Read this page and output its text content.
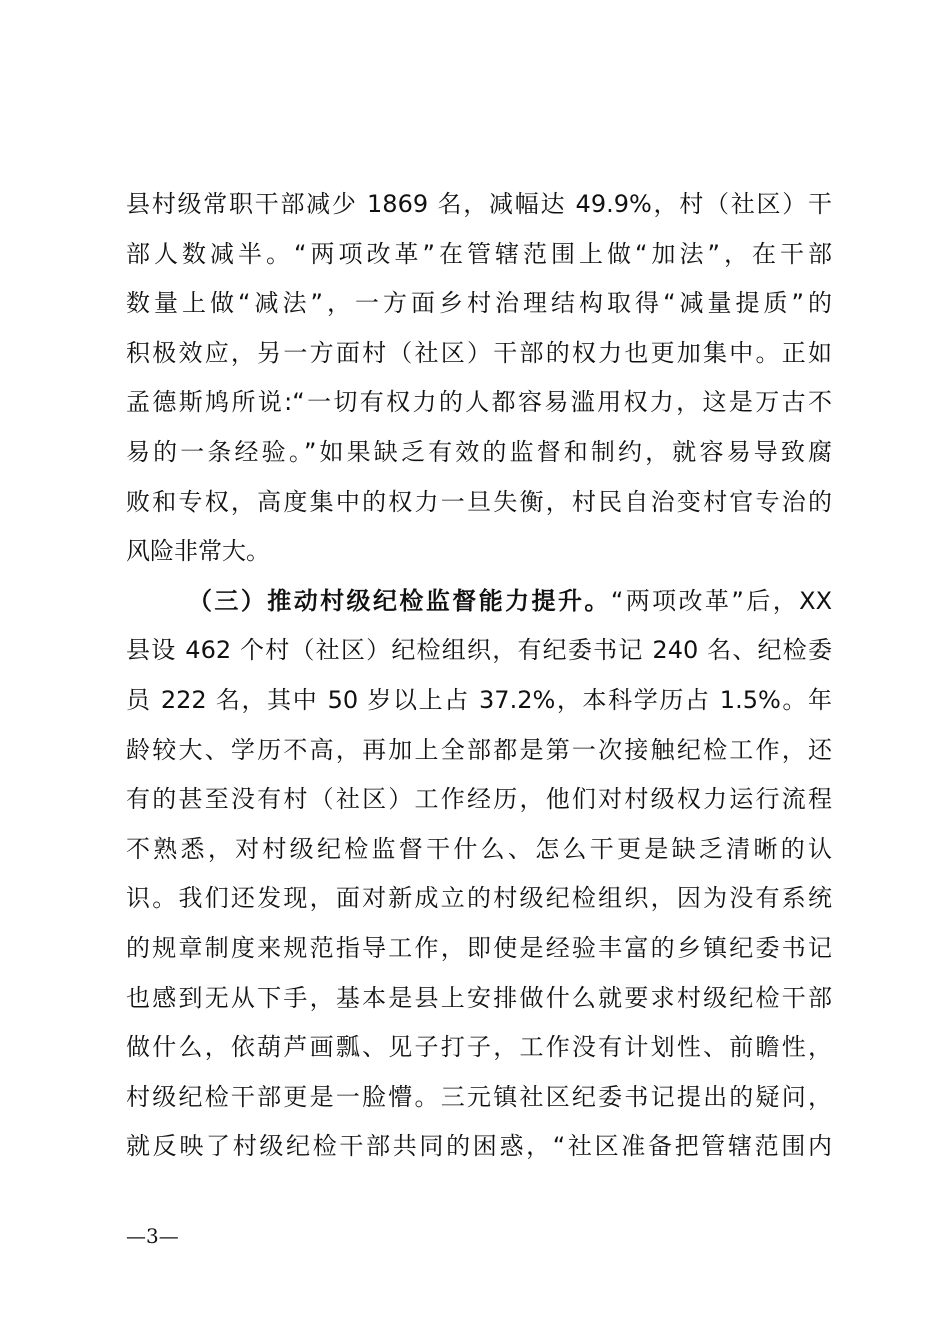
县村级常职干部减少 1869 名，减幅达 49.9%，村（社区）干
部人数减半。“两项改革”在管辖范围上做“加法”，在干部
数量上做“减法”，一方面乡村治理结构取得“减量提质”的
积极效应，另一方面村（社区）干部的权力也更加集中。正如
孟德斯鸠所说:“一切有权力的人都容易滥用权力，这是万古不
易的一条经验。”如果缺乏有效的监督和制约，就容易导致腐
败和专权，高度集中的权力一旦失衡，村民自治变村官专治的
风险非常大。
（三）推动村级纪检监督能力提升。“两项改革”后，XX
县设 462 个村（社区）纪检组织，有纪委书记 240 名、纪检委
员 222 名，其中 50 岁以上占 37.2%，本科学历占 1.5%。年
龄较大、学历不高，再加上全部都是第一次接触纪检工作，还
有的甚至没有村（社区）工作经历，他们对村级权力运行流程
不熟悉，对村级纪检监督干什么、怎么干更是缺乏清晰的认
识。我们还发现，面对新成立的村级纪检组织，因为没有系统
的规章制度来规范指导工作，即使是经验丰富的乡镇纪委书记
也感到无从下手，基本是县上安排做什么就要求村级纪检干部
做什么，依葫芦画瓢、见子打子，工作没有计划性、前瞻性，
村级纪检干部更是一脸懵。三元镇社区纪委书记提出的疑问，
就反映了村级纪检干部共同的困惑，“社区准备把管辖范围内
—3—
